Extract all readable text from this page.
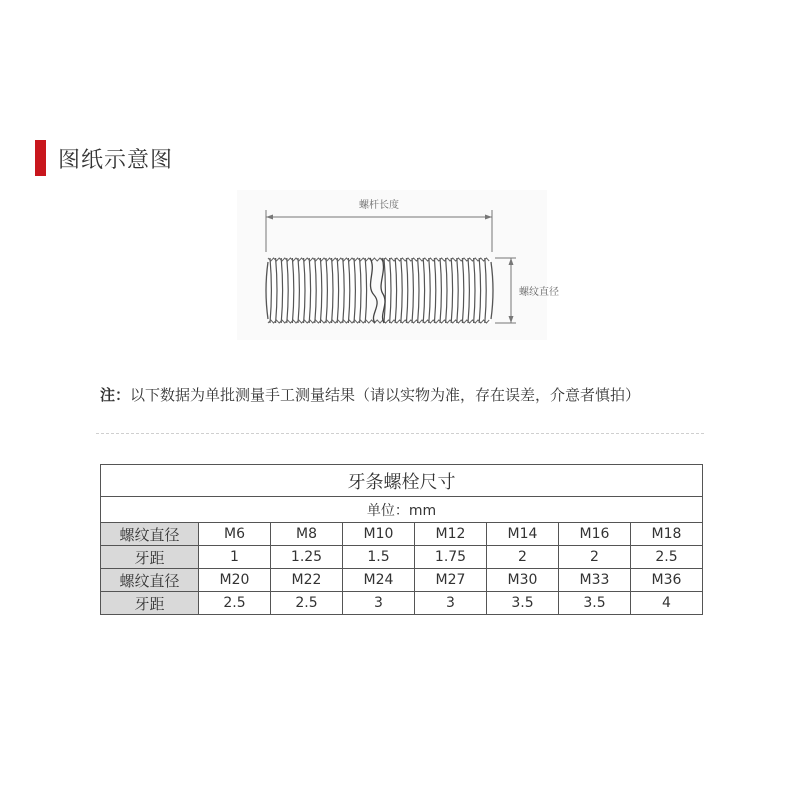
图纸示意图
螺杆长度
螺纹直径
注：以下数据为单批测量手工测量结果（请以实物为准，存在误差，介意者慎拍）
牙条螺栓尺寸							
单位：mm							
螺纹直径	M6	M8	M10	M12	M14	M16	M18
牙距	1	1.25	1.5	1.75	2	2	2.5
螺纹直径	M20	M22	M24	M27	M30	M33	M36
牙距	2.5	2.5	3	3	3.5	3.5	4
